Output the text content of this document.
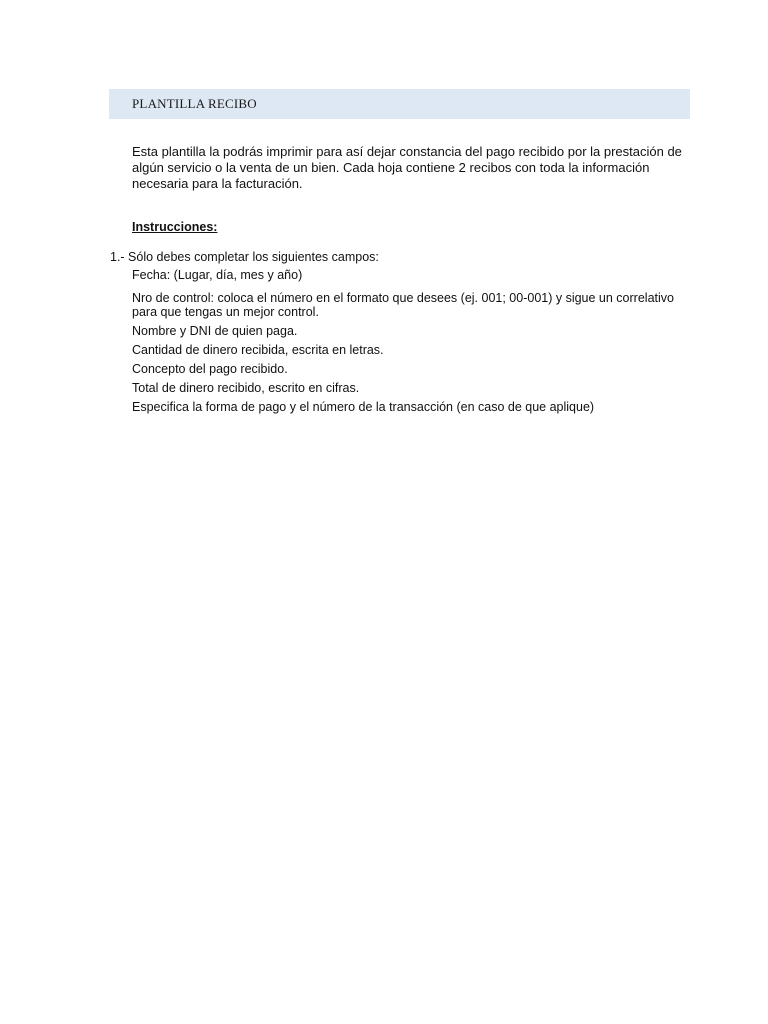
PLANTILLA RECIBO

Esta plantilla la podrás imprimir para así dejar constancia del pago recibido por la prestación de algún servicio o la venta de un bien. Cada hoja contiene 2 recibos con toda la información necesaria para la facturación.

Instrucciones:

1.- Sólo debes completar los siguientes campos:

Fecha: (Lugar, día, mes y año)
Nro de control: coloca el número en el formato que desees (ej. 001; 00-001) y sigue un correlativo para que tengas un mejor control.
Nombre y DNI de quien paga.
Cantidad de dinero recibida, escrita en letras.
Concepto del pago recibido.
Total de dinero recibido, escrito en cifras.
Especifica la forma de pago y el número de la transacción (en caso de que aplique)
